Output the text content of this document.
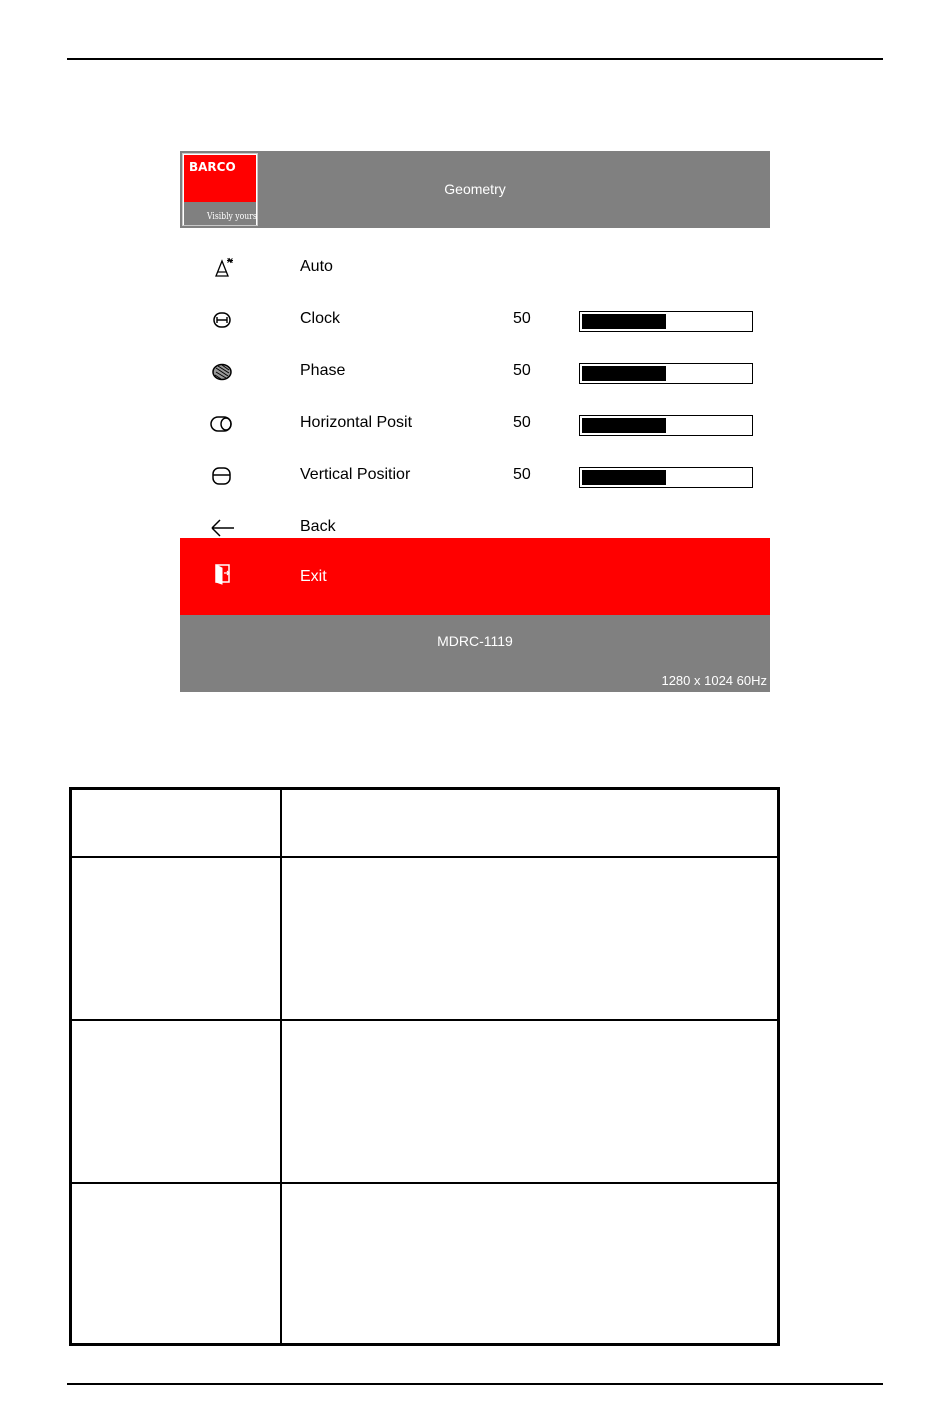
BARCO
Visibly yours
Geometry
Auto
Clock	50
Phase	50
Horizontal Posit	50
Vertical Positior	50
Back
Exit
MDRC-1119
1280 x 1024 60Hz
